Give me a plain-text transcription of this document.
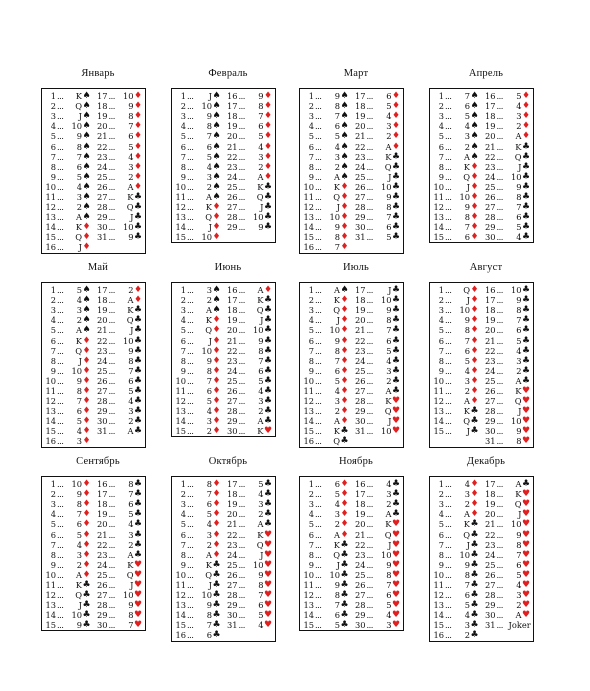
Январь
1 ...	K ♠
2 ...	Q ♠
3 ...	J ♠
4 ... 10 ♠
5 ...	9 ♠
6 ...	8 ♠
7 ...	7 ♠
8 ...	6 ♠
9 ...	5 ♠
10 ...	4 ♠
11 ...	3 ♠
12 ...	2 ♠
13 ...	A ♠
14 ...	K ♦
15 ...	Q ♦
16 ...	J ♦
17 ... 10 ♦
18 ...	9 ♦
19 ...	8 ♦
20 ...	7 ♦
21 ...	6 ♦
22 ...	5 ♦
23 ...	4 ♦
24 ...	3 ♦
25 ...	2 ♦
26 ...	A ♦
27 ...	K ♣
28 ...	Q ♣
29 ...	J ♣
30 ... 10 ♣
31 ...	9 ♣
Февраль
1 ...	J ♠
2 ... 10 ♠
3 ...	9 ♠
4 ...	8 ♠
5 ...	7 ♠
6 ...	6 ♠
7 ...	5 ♠
8 ...	4 ♠
9 ...	3 ♠
10 ...	2 ♠
11 ...	A ♠
12 ...	K ♦
13 ...	Q ♦
14 ...	J ♦
15 ... 10 ♦
16 ...	9 ♦
17 ...	8 ♦
18 ...	7 ♦
19 ...	6 ♦
20 ...	5 ♦
21 ...	4 ♦
22 ...	3 ♦
23 ...	2 ♦
24 ...	A ♦
25 ...	K ♣
26 ...	Q ♣
27 ...	J ♣
28 ... 10 ♣
29 ...	9 ♣
Март
1 ...	9 ♠
2 ...	8 ♠
3 ...	7 ♠
4 ...	6 ♠
5 ...	5 ♠
6 ...	4 ♠
7 ...	3 ♠
8 ...	2 ♠
9 ...	A ♠
10 ...	K ♦
11 ...	Q ♦
12 ...	J ♦
13 ... 10 ♦
14 ...	9 ♦
15 ...	8 ♦
16 ...	7 ♦
17 ...	6 ♦
18 ...	5 ♦
19 ...	4 ♦
20 ...	3 ♦
21 ...	2 ♦
22 ...	A ♦
23 ...	K ♣
24 ...	Q ♣
25 ...	J ♣
26 ... 10 ♣
27 ...	9 ♣
28 ...	8 ♣
29 ...	7 ♣
30 ...	6 ♣
31 ...	5 ♣
Апрель
1 ...	7 ♠
2 ...	6 ♠
3 ...	5 ♠
4 ...	4 ♠
5 ...	3 ♠
6 ...	2 ♠
7 ...	A ♠
8 ...	K ♦
9 ...	Q ♦
10 ...	J ♦
11 ... 10 ♦
12 ...	9 ♦
13 ...	8 ♦
14 ...	7 ♦
15 ...	6 ♦
16 ...	5 ♦
17 ...	4 ♦
18 ...	3 ♦
19 ...	2 ♦
20 ...	A ♦
21 ...	K ♣
22 ...	Q ♣
23 ...	J ♣
24 ... 10 ♣
25 ...	9 ♣
26 ...	8 ♣
27 ...	7 ♣
28 ...	6 ♣
29 ...	5 ♣
30 ...	4 ♣
Май
1 ...	5 ♠
2 ...	4 ♠
3 ...	3 ♠
4 ...	2 ♠
5 ...	A ♠
6 ...	K ♦
7 ...	Q ♦
8 ...	J ♦
9 ... 10 ♦
10 ...	9 ♦
11 ...	8 ♦
12 ...	7 ♦
13 ...	6 ♦
14 ...	5 ♦
15 ...	4 ♦
16 ...	3 ♦
17 ...	2 ♦
18 ...	A ♦
19 ...	K ♣
20 ...	Q ♣
21 ...	J ♣
22 ... 10 ♣
23 ...	9 ♣
24 ...	8 ♣
25 ...	7 ♣
26 ...	6 ♣
27 ...	5 ♣
28 ...	4 ♣
29 ...	3 ♣
30 ...	2 ♣
31 ...	A ♣
Июнь
1 ...	3 ♠
2 ...	2 ♠
3 ...	A ♠
4 ...	K ♦
5 ...	Q ♦
6 ...	J ♦
7 ... 10 ♦
8 ...	9 ♦
9 ...	8 ♦
10 ...	7 ♦
11 ...	6 ♦
12 ...	5 ♦
13 ...	4 ♦
14 ...	3 ♦
15 ...	2 ♦
16 ...	A ♦
17 ...	K ♣
18 ...	Q ♣
19 ...	J ♣
20 ... 10 ♣
21 ...	9 ♣
22 ...	8 ♣
23 ...	7 ♣
24 ...	6 ♣
25 ...	5 ♣
26 ...	4 ♣
27 ...	3 ♣
28 ...	2 ♣
29 ...	A ♣
30 ...	K ♥
Июль
1 ...	A ♠
2 ...	K ♦
3 ...	Q ♦
4 ...	J ♦
5 ... 10 ♦
6 ...	9 ♦
7 ...	8 ♦
8 ...	7 ♦
9 ...	6 ♦
10 ...	5 ♦
11 ...	4 ♦
12 ...	3 ♦
13 ...	2 ♦
14 ...	A ♦
15 ...	K ♣
16 ...	Q ♣
17 ...	J ♣
18 ... 10 ♣
19 ...	9 ♣
20 ...	8 ♣
21 ...	7 ♣
22 ...	6 ♣
23 ...	5 ♣
24 ...	4 ♣
25 ...	3 ♣
26 ...	2 ♣
27 ...	A ♣
28 ...	K ♥
29 ...	Q ♥
30 ...	J ♥
31 ... 10 ♥
Август
1 ...	Q ♦
2 ...	J ♦
3 ... 10 ♦
4 ...	9 ♦
5 ...	8 ♦
6 ...	7 ♦
7 ...	6 ♦
8 ...	5 ♦
9 ...	4 ♦
10 ...	3 ♦
11 ...	2 ♦
12 ...	A ♦
13 ...	K ♣
14 ...	Q ♣
15 ...	J ♣
16 ... 10 ♣
17 ...	9 ♣
18 ...	8 ♣
19 ...	7 ♣
20 ...	6 ♣
21 ...	5 ♣
22 ...	4 ♣
23 ...	3 ♣
24 ...	2 ♣
25 ...	A ♣
26 ...	K ♥
27 ...	Q ♥
28 ...	J ♥
29 ... 10 ♥
30 ...	9 ♥
31 ...	8 ♥
Сентябрь
1 ... 10 ♦
2 ...	9 ♦
3 ...	8 ♦
4 ...	7 ♦
5 ...	6 ♦
6 ...	5 ♦
7 ...	4 ♦
8 ...	3 ♦
9 ...	2 ♦
10 ...	A ♦
11 ...	K ♣
12 ...	Q ♣
13 ...	J ♣
14 ... 10 ♣
15 ...	9 ♣
16 ...	8 ♣
17 ...	7 ♣
18 ...	6 ♣
19 ...	5 ♣
20 ...	4 ♣
21 ...	3 ♣
22 ...	2 ♣
23 ...	A ♣
24 ...	K ♥
25 ...	Q ♥
26 ...	J ♥
27 ... 10 ♥
28 ...	9 ♥
29 ...	8 ♥
30 ...	7 ♥
Октябрь
1 ...	8 ♦
2 ...	7 ♦
3 ...	6 ♦
4 ...	5 ♦
5 ...	4 ♦
6 ...	3 ♦
7 ...	2 ♦
8 ...	A ♦
9 ...	K ♣
10 ...	Q ♣
11 ...	J ♣
12 ... 10 ♣
13 ...	9 ♣
14 ...	8 ♣
15 ...	7 ♣
16 ...	6 ♣
17 ...	5 ♣
18 ...	4 ♣
19 ...	3 ♣
20 ...	2 ♣
21 ...	A ♣
22 ...	K ♥
23 ...	Q ♥
24 ...	J ♥
25 ... 10 ♥
26 ...	9 ♥
27 ...	8 ♥
28 ...	7 ♥
29 ...	6 ♥
30 ...	5 ♥
31 ...	4 ♥
Ноябрь
1 ...	6 ♦
2 ...	5 ♦
3 ...	4 ♦
4 ...	3 ♦
5 ...	2 ♦
6 ...	A ♦
7 ...	K ♣
8 ...	Q ♣
9 ...	J ♣
10 ... 10 ♣
11 ...	9 ♣
12 ...	8 ♣
13 ...	7 ♣
14 ...	6 ♣
15 ...	5 ♣
16 ...	4 ♣
17 ...	3 ♣
18 ...	2 ♣
19 ...	A ♣
20 ...	K ♥
21 ...	Q ♥
22 ...	J ♥
23 ... 10 ♥
24 ...	9 ♥
25 ...	8 ♥
26 ...	7 ♥
27 ...	6 ♥
28 ...	5 ♥
29 ...	4 ♥
30 ...	3 ♥
Декабрь
1 ...	4 ♦
2 ...	3 ♦
3 ...	2 ♦
4 ...	A ♦
5 ...	K ♣
6 ...	Q ♣
7 ...	J ♣
8 ... 10 ♣
9 ...	9 ♣
10 ...	8 ♣
11 ...	7 ♣
12 ...	6 ♣
13 ...	5 ♣
14 ...	4 ♣
15 ...	3 ♣
16 ...	2 ♣
17 ...	A ♣
18 ...	K ♥
19 ...	Q ♥
20 ...	J ♥
21 ... 10 ♥
22 ...	9 ♥
23 ...	8 ♥
24 ...	7 ♥
25 ...	6 ♥
26 ...	5 ♥
27 ...	4 ♥
28 ...	3 ♥
29 ...	2 ♥
30 ...	A ♥
31 ... Joker
